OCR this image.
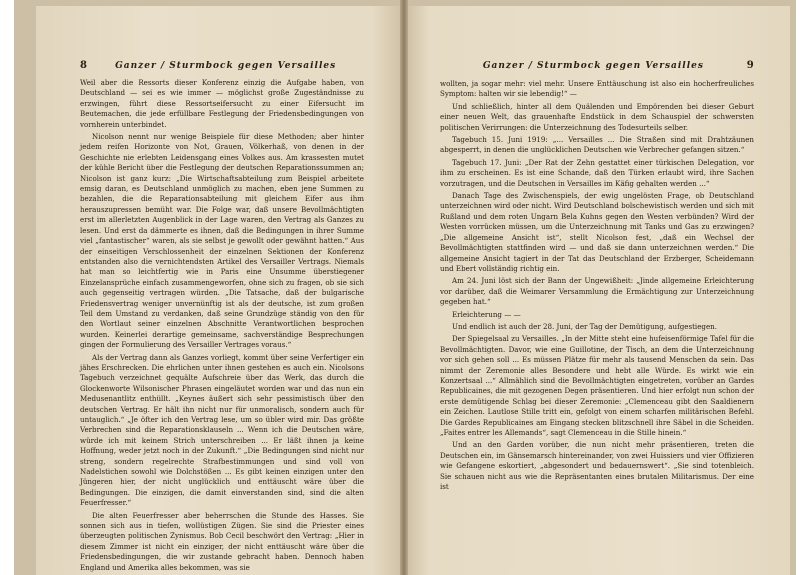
8	Ganzer / Sturmbock gegen Versailles

Weil aber die Ressorts dieser Konferenz einzig die Aufgabe haben, von Deutschland — sei es wie immer — möglichst große Zugeständnisse zu erzwingen, führt diese Ressortseifersucht zu einer Eifersucht im Beutemachen, die jede erfüllbare Festlegung der Friedensbedingungen von vornherein unterbindet.

Nicolson nennt nur wenige Beispiele für diese Methoden; aber hinter jedem reifen Horizonte von Not, Grauen, Völkerhaß, von denen in der Geschichte nie erlebten Leidensgang eines Volkes aus. Am krassesten mutet der kühle Bericht über die Festlegung der deutschen Reparationssummen an; Nicolson ist ganz kurz: „Die Wirtschaftsabteilung zum Beispiel arbeitete emsig daran, es Deutschland unmöglich zu machen, eben jene Summen zu bezahlen, die die Reparationsabteilung mit gleichem Eifer aus ihm herauszupressen bemüht war. Die Folge war, daß unsere Bevollmächtigten erst im allerletzten Augenblick in der Lage waren, den Vertrag als Ganzes zu lesen. Und erst da dämmerte es ihnen, daß die Bedingungen in ihrer Summe viel „fantastischer“ waren, als sie selbst je gewollt oder gewähnt hatten.“ Aus der einseitigen Verschlossenheit der einzelnen Sektionen der Konferenz entstanden also die vernichtendsten Artikel des Versailler Vertrags. Niemals hat man so leichtfertig wie in Paris eine Unsumme überstiegener Einzelansprüche einfach zusammengeworfen, ohne sich zu fragen, ob sie sich auch gegenseitig vertragen würden. „Die Tatsache, daß der bulgarische Friedensvertrag weniger unvernünftig ist als der deutsche, ist zum großen Teil dem Umstand zu verdanken, daß seine Grundzüge ständig von den für den Wortlaut seiner einzelnen Abschnitte Verantwortlichen besprochen wurden. Keinerlei derartige gemeinsame, sachverständige Besprechungen gingen der Formulierung des Versailler Vertrages voraus.“

Als der Vertrag dann als Ganzes vorliegt, kommt über seine Verfertiger ein jähes Erschrecken. Die ehrlichen unter ihnen gestehen es auch ein. Nicolsons Tagebuch verzeichnet gequälte Aufschreie über das Werk, das durch die Glockenworte Wilsonischer Phrasen eingeläutet worden war und das nun ein Medusenantlitz enthüllt. „Keynes äußert sich sehr pessimistisch über den deutschen Vertrag. Er hält ihn nicht nur für unmoralisch, sondern auch für untauglich.“ „Je öfter ich den Vertrag lese, um so übler wird mir. Das größte Verbrechen sind die Reparationsklauseln ... Wenn ich die Deutschen wäre, würde ich mit keinem Strich unterschreiben ... Er läßt ihnen ja keine Hoffnung, weder jetzt noch in der Zukunft.“ „Die Bedingungen sind nicht nur streng, sondern regelrechte Strafbestimmungen und sind voll von Nadelstichen sowohl wie Dolchstößen ... Es gibt keinen einzigen unter den Jüngeren hier, der nicht unglücklich und enttäuscht wäre über die Bedingungen. Die einzigen, die damit einverstanden sind, sind die alten Feuerfresser.“

Die alten Feuerfresser aber beherrschen die Stunde des Hasses. Sie sonnen sich aus in tiefen, wollüstigen Zügen. Sie sind die Priester eines überzeugten politischen Zynismus. Bob Cecil beschwört den Vertrag: „Hier in diesem Zimmer ist nicht ein einziger, der nicht enttäuscht wäre über die Friedensbedingungen, die wir zustande gebracht haben. Dennoch haben England und Amerika alles bekommen, was sie

Ganzer / Sturmbock gegen Versailles	9

wollten, ja sogar mehr: viel mehr. Unsere Enttäuschung ist also ein hocherfreuliches Symptom: halten wir sie lebendig!“ —

Und schließlich, hinter all dem Quälenden und Empörenden bei dieser Geburt einer neuen Welt, das grauenhafte Endstück in dem Schauspiel der schwersten politischen Verirrungen: die Unterzeichnung des Todesurteils selber.

Tagebuch 15. Juni 1919: „... Versailles ... Die Straßen sind mit Drahtzäunen abgesperrt, in denen die unglücklichen Deutschen wie Verbrecher gefangen sitzen.“

Tagebuch 17. Juni: „Der Rat der Zehn gestattet einer türkischen Delegation, vor ihm zu erscheinen. Es ist eine Schande, daß den Türken erlaubt wird, ihre Sachen vorzutragen, und die Deutschen in Versailles im Käfig gehalten werden ...“

Danach Tage des Zwischenspiels, der ewig ungelösten Frage, ob Deutschland unterzeichnen wird oder nicht. Wird Deutschland bolschewistisch werden und sich mit Rußland und dem roten Ungarn Bela Kuhns gegen den Westen verbünden? Wird der Westen vorrücken müssen, um die Unterzeichnung mit Tanks und Gas zu erzwingen? „Die allgemeine Ansicht ist“, stellt Nicolson fest, „daß ein Wechsel der Bevollmächtigten stattfinden wird — und daß sie dann unterzeichnen werden.“ Die allgemeine Ansicht tagiert in der Tat das Deutschland der Erzberger, Scheidemann und Ebert vollständig richtig ein.

Am 24. Juni löst sich der Bann der Ungewißheit: „Jinde allgemeine Erleichterung vor darüber, daß die Weimarer Versammlung die Ermächtigung zur Unterzeichnung gegeben hat.“

Erleichterung — —

Und endlich ist auch der 28. Juni, der Tag der Demütigung, aufgestiegen.

Der Spiegelsaal zu Versailles. „In der Mitte steht eine hufeisenförmige Tafel für die Bevollmächtigten. Davor, wie eine Guillotine, der Tisch, an dem die Unterzeichnung vor sich gehen soll ... Es müssen Plätze für mehr als tausend Menschen da sein. Das nimmt der Zeremonie alles Besondere und hebt alle Würde. Es wirkt wie ein Konzertsaal ...“ Allmählich sind die Bevollmächtigten eingetreten, vorüber an Gardes Republicaines, die mit gezogenen Degen präsentieren. Und hier erfolgt nun schon der erste demütigende Schlag bei dieser Zeremonie: „Clemenceau gibt den Saaldienern ein Zeichen. Lautlose Stille tritt ein, gefolgt von einem scharfen militärischen Befehl. Die Gardes Republicaines am Eingang stecken blitzschnell ihre Säbel in die Scheiden. „Faites entrer les Allemands“, sagt Clemenceau in die Stille hinein.“

Und an den Garden vorüber, die nun nicht mehr präsentieren, treten die Deutschen ein, im Gänsemarsch hintereinander, von zwei Huissiers und vier Offizieren wie Gefangene eskortiert, „abgesondert und bedauernswert“. „Sie sind totenbleich. Sie schauen nicht aus wie die Repräsentanten eines brutalen Militarismus. Der eine ist
